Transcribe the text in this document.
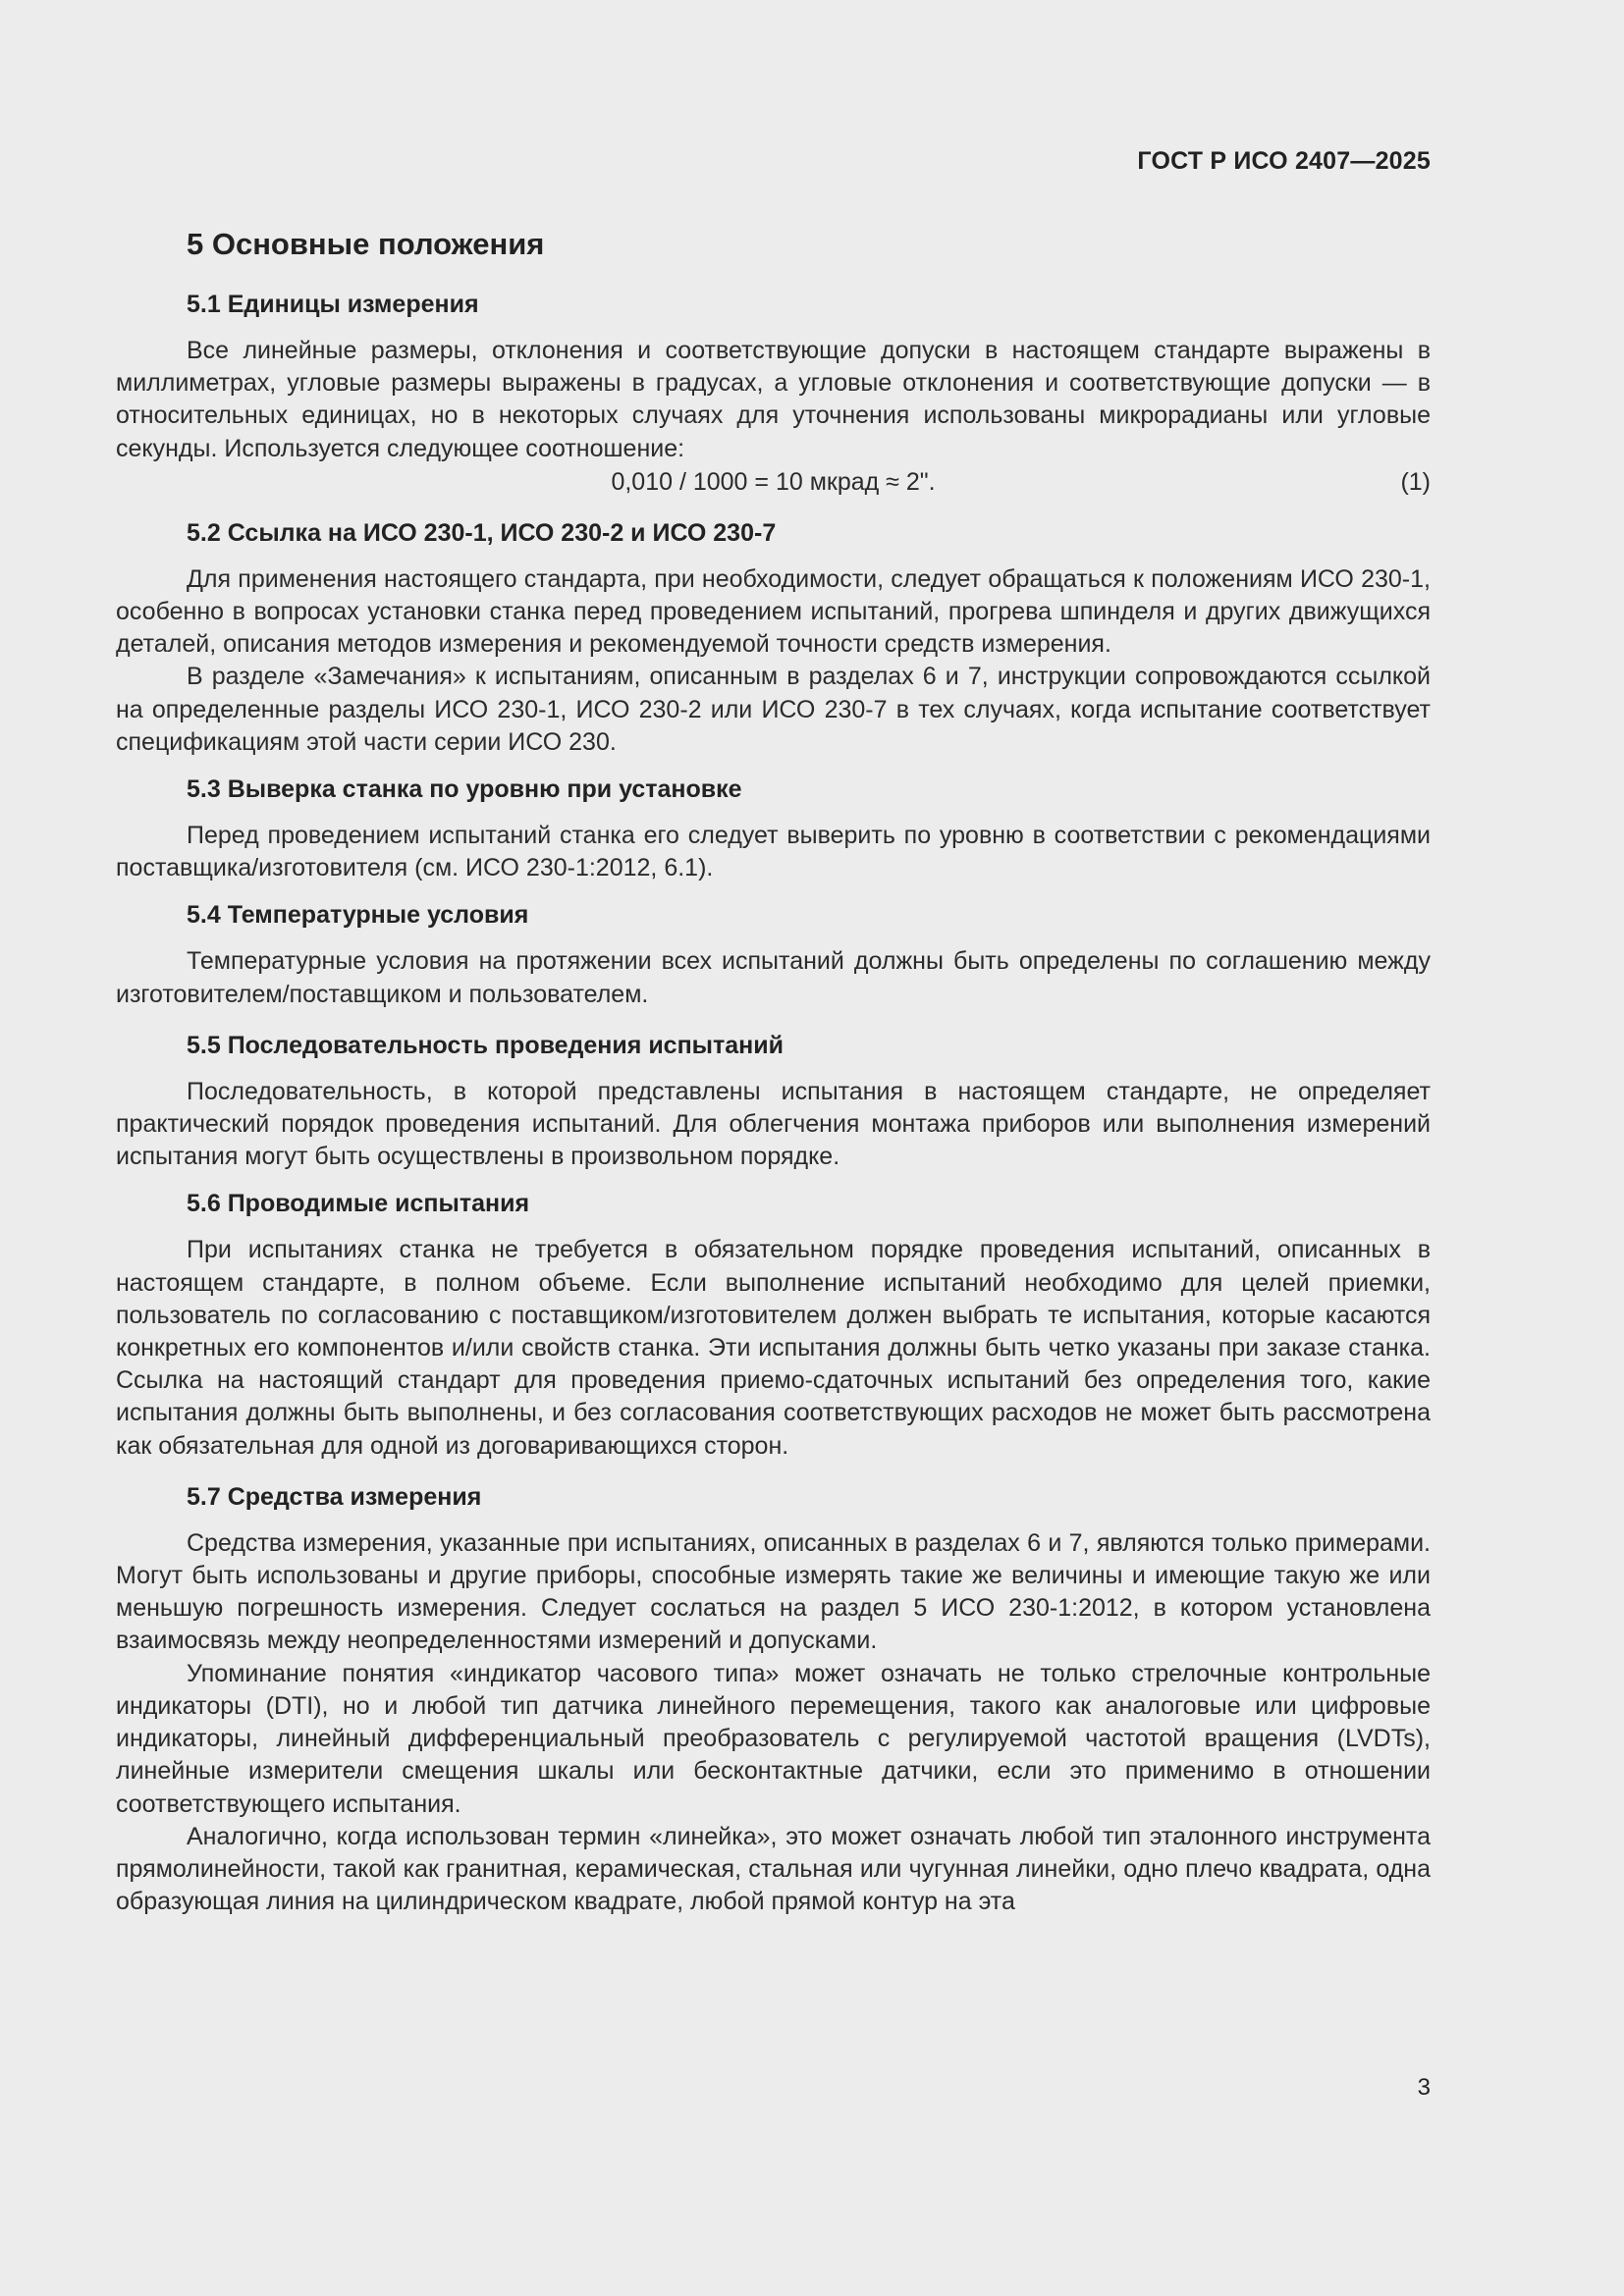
ГОСТ Р ИСО 2407—2025
5 Основные положения
5.1 Единицы измерения

Все линейные размеры, отклонения и соответствующие допуски в настоящем стандарте выражены в миллиметрах, угловые размеры выражены в градусах, а угловые отклонения и соответствующие допуски — в относительных единицах, но в некоторых случаях для уточнения использованы микрорадианы или угловые секунды. Используется следующее соотношение:

0,010 / 1000 = 10 мкрад ≈ 2".	(1)
5.2 Ссылка на ИСО 230-1, ИСО 230-2 и ИСО 230-7

Для применения настоящего стандарта, при необходимости, следует обращаться к положениям ИСО 230-1, особенно в вопросах установки станка перед проведением испытаний, прогрева шпинделя и других движущихся деталей, описания методов измерения и рекомендуемой точности средств измерения.

В разделе «Замечания» к испытаниям, описанным в разделах 6 и 7, инструкции сопровождаются ссылкой на определенные разделы ИСО 230-1, ИСО 230-2 или ИСО 230-7 в тех случаях, когда испытание соответствует спецификациям этой части серии ИСО 230.

5.3 Выверка станка по уровню при установке

Перед проведением испытаний станка его следует выверить по уровню в соответствии с рекомендациями поставщика/изготовителя (см. ИСО 230-1:2012, 6.1).

5.4 Температурные условия

Температурные условия на протяжении всех испытаний должны быть определены по соглашению между изготовителем/поставщиком и пользователем.

5.5 Последовательность проведения испытаний

Последовательность, в которой представлены испытания в настоящем стандарте, не определяет практический порядок проведения испытаний. Для облегчения монтажа приборов или выполнения измерений испытания могут быть осуществлены в произвольном порядке.

5.6 Проводимые испытания

При испытаниях станка не требуется в обязательном порядке проведения испытаний, описанных в настоящем стандарте, в полном объеме. Если выполнение испытаний необходимо для целей приемки, пользователь по согласованию с поставщиком/изготовителем должен выбрать те испытания, которые касаются конкретных его компонентов и/или свойств станка. Эти испытания должны быть четко указаны при заказе станка. Ссылка на настоящий стандарт для проведения приемо-сдаточных испытаний без определения того, какие испытания должны быть выполнены, и без согласования соответствующих расходов не может быть рассмотрена как обязательная для одной из договаривающихся сторон.

5.7 Средства измерения

Средства измерения, указанные при испытаниях, описанных в разделах 6 и 7, являются только примерами. Могут быть использованы и другие приборы, способные измерять такие же величины и имеющие такую же или меньшую погрешность измерения. Следует сослаться на раздел 5 ИСО 230-1:2012, в котором установлена взаимосвязь между неопределенностями измерений и допусками.

Упоминание понятия «индикатор часового типа» может означать не только стрелочные контрольные индикаторы (DTI), но и любой тип датчика линейного перемещения, такого как аналоговые или цифровые индикаторы, линейный дифференциальный преобразователь с регулируемой частотой вращения (LVDTs), линейные измерители смещения шкалы или бесконтактные датчики, если это применимо в отношении соответствующего испытания.

Аналогично, когда использован термин «линейка», это может означать любой тип эталонного инструмента прямолинейности, такой как гранитная, керамическая, стальная или чугунная линейки, одно плечо квадрата, одна образующая линия на цилиндрическом квадрате, любой прямой контур на эта

3
